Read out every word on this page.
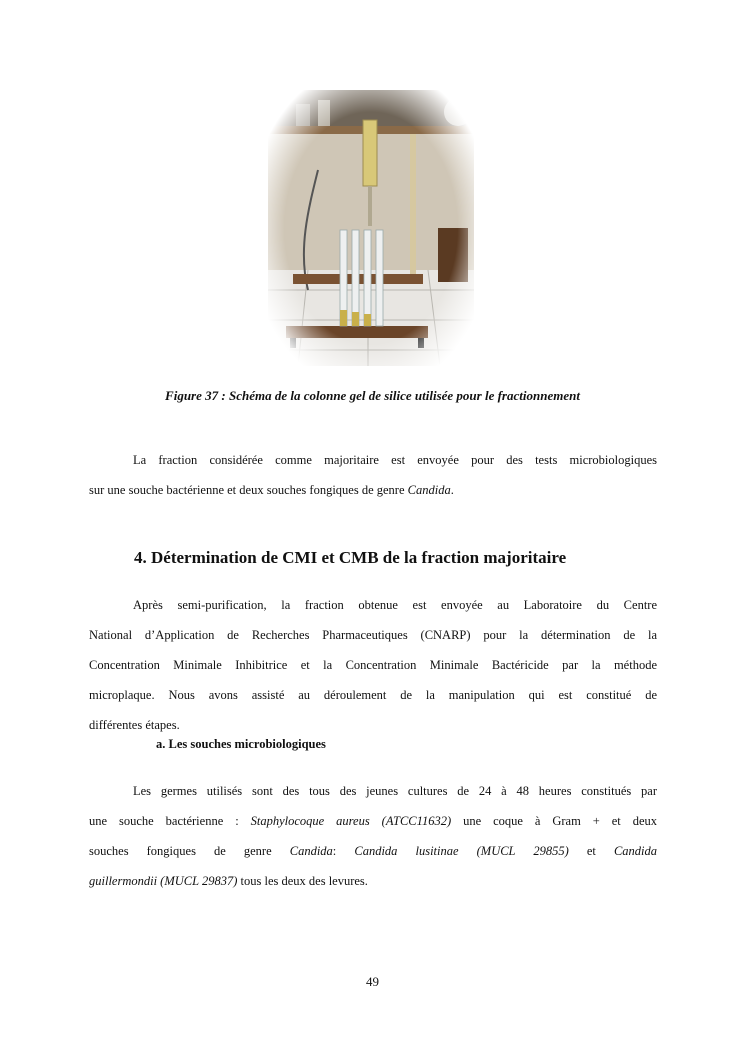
Figure 37 : Schéma de la colonne gel de silice utilisée pour le fractionnement
La fraction considérée comme majoritaire est envoyée pour des tests microbiologiques
sur une souche bactérienne et deux souches fongiques de genre Candida.
4. Détermination de CMI et CMB de la fraction majoritaire
Après semi-purification, la fraction obtenue est envoyée au Laboratoire du Centre
National d’Application de Recherches Pharmaceutiques (CNARP) pour la détermination de la
Concentration Minimale Inhibitrice et la Concentration Minimale Bactéricide par la méthode
microplaque. Nous avons assisté au déroulement de la manipulation qui est constitué de
différentes étapes.
a. Les souches microbiologiques
Les germes utilisés sont des tous des jeunes cultures de 24 à 48 heures constitués par
une souche bactérienne : Staphylocoque aureus (ATCC11632) une coque à Gram + et deux
souches fongiques de genre Candida: Candida lusitinae (MUCL 29855) et Candida
guillermondii (MUCL 29837) tous les deux des levures.
49
